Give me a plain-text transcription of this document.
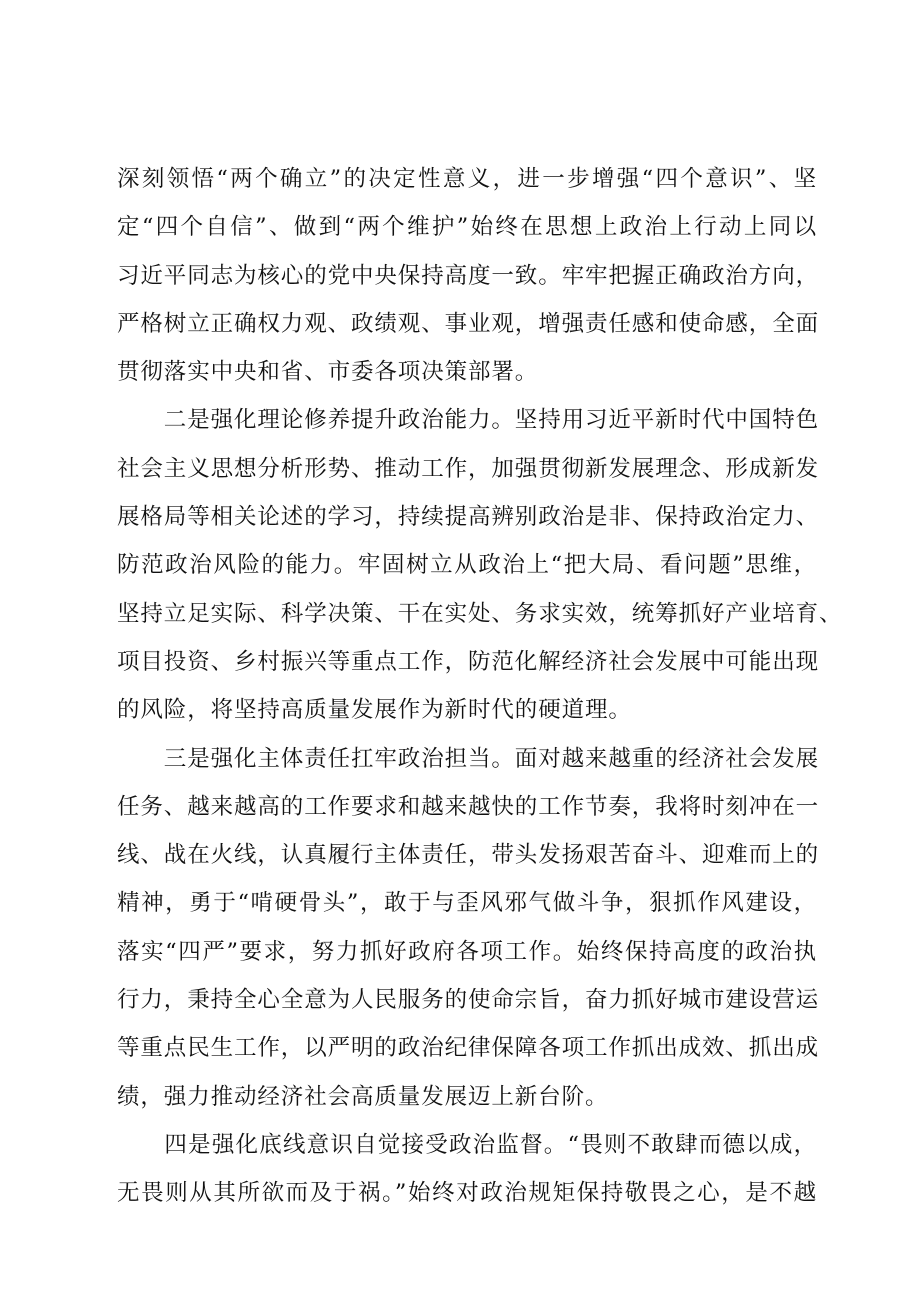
深刻领悟“两个确立”的决定性意义，进一步增强“四个意识”、坚
定“四个自信”、做到“两个维护”始终在思想上政治上行动上同以
习近平同志为核心的党中央保持高度一致。牢牢把握正确政治方向，
严格树立正确权力观、政绩观、事业观，增强责任感和使命感，全面
贯彻落实中央和省、市委各项决策部署。
　　二是强化理论修养提升政治能力。坚持用习近平新时代中国特色
社会主义思想分析形势、推动工作，加强贯彻新发展理念、形成新发
展格局等相关论述的学习，持续提高辨别政治是非、保持政治定力、
防范政治风险的能力。牢固树立从政治上“把大局、看问题”思维，
坚持立足实际、科学决策、干在实处、务求实效，统筹抓好产业培育、
项目投资、乡村振兴等重点工作，防范化解经济社会发展中可能出现
的风险，将坚持高质量发展作为新时代的硬道理。
　　三是强化主体责任扛牢政治担当。面对越来越重的经济社会发展
任务、越来越高的工作要求和越来越快的工作节奏，我将时刻冲在一
线、战在火线，认真履行主体责任，带头发扬艰苦奋斗、迎难而上的
精神，勇于“啃硬骨头”，敢于与歪风邪气做斗争，狠抓作风建设，
落实“四严”要求，努力抓好政府各项工作。始终保持高度的政治执
行力，秉持全心全意为人民服务的使命宗旨，奋力抓好城市建设营运
等重点民生工作，以严明的政治纪律保障各项工作抓出成效、抓出成
绩，强力推动经济社会高质量发展迈上新台阶。
　　四是强化底线意识自觉接受政治监督。“畏则不敢肆而德以成，
无畏则从其所欲而及于祸。”始终对政治规矩保持敬畏之心，是不越
